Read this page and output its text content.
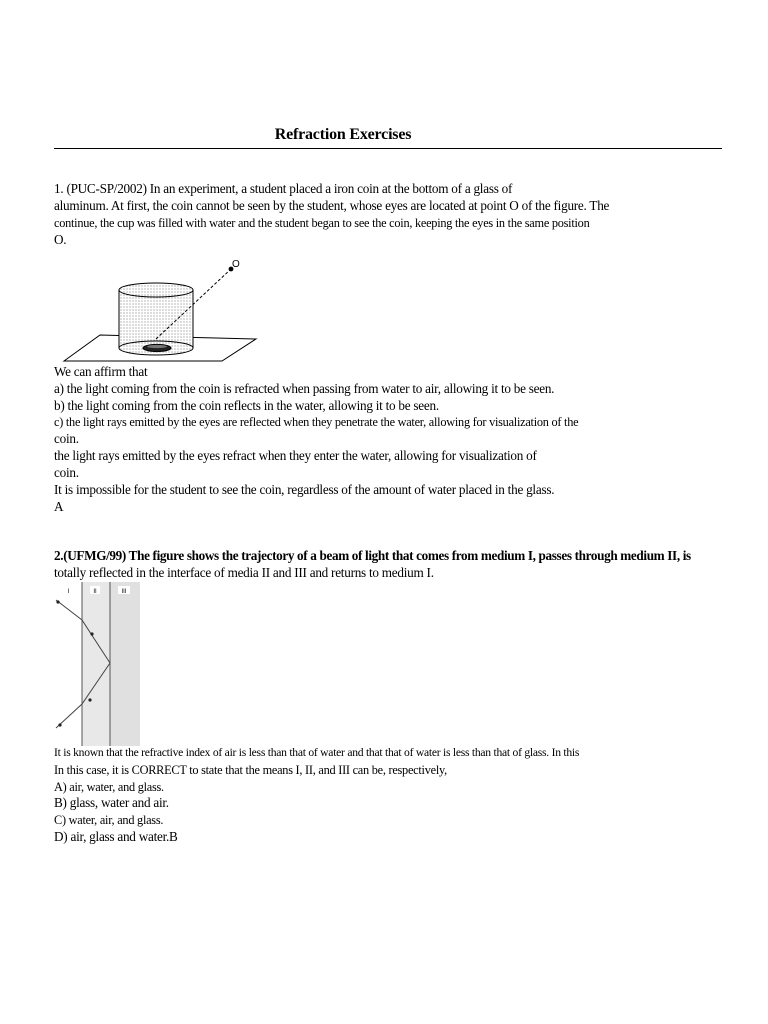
Refraction Exercises
1. (PUC-SP/2002) In an experiment, a student placed a iron coin at the bottom of a glass of
aluminum. At first, the coin cannot be seen by the student, whose eyes are located at point O of the figure. The
continue, the cup was filled with water and the student began to see the coin, keeping the eyes in the same position
O.
O
We can affirm that
a) the light coming from the coin is refracted when passing from water to air, allowing it to be seen.
b) the light coming from the coin reflects in the water, allowing it to be seen.
c) the light rays emitted by the eyes are reflected when they penetrate the water, allowing for visualization of the
coin.
the light rays emitted by the eyes refract when they enter the water, allowing for visualization of
coin.
It is impossible for the student to see the coin, regardless of the amount of water placed in the glass.
A
2.(UFMG/99) The figure shows the trajectory of a beam of light that comes from medium I, passes through medium II, is
totally reflected in the interface of media II and III and returns to medium I.
I	II	III
It is known that the refractive index of air is less than that of water and that that of water is less than that of glass. In this
In this case, it is CORRECT to state that the means I, II, and III can be, respectively,
A) air, water, and glass.
B) glass, water and air.
C) water, air, and glass.
D) air, glass and water.B
